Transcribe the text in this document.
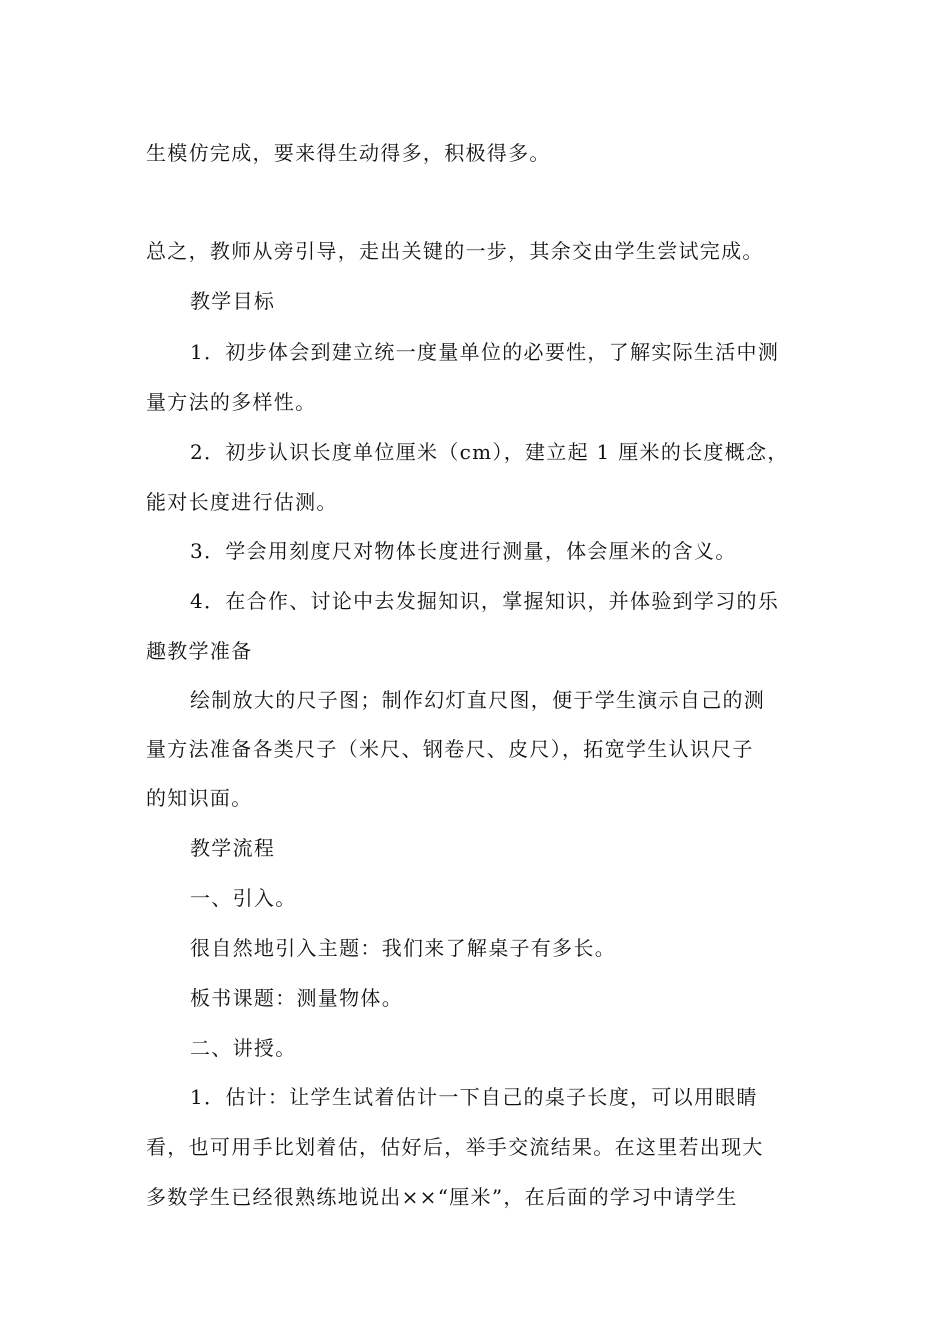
生模仿完成，要来得生动得多，积极得多。
总之，教师从旁引导，走出关键的一步，其余交由学生尝试完成。
教学目标
1．初步体会到建立统一度量单位的必要性，了解实际生活中测
量方法的多样性。
2．初步认识长度单位厘米（cm），建立起 1 厘米的长度概念，
能对长度进行估测。
3．学会用刻度尺对物体长度进行测量，体会厘米的含义。
4．在合作、讨论中去发掘知识，掌握知识，并体验到学习的乐
趣教学准备
绘制放大的尺子图；制作幻灯直尺图，便于学生演示自己的测
量方法准备各类尺子（米尺、钢卷尺、皮尺），拓宽学生认识尺子
的知识面。
教学流程
一、引入。
很自然地引入主题：我们来了解桌子有多长。
板书课题：测量物体。
二、讲授。
1．估计：让学生试着估计一下自己的桌子长度，可以用眼睛
看，也可用手比划着估，估好后，举手交流结果。在这里若出现大
多数学生已经很熟练地说出××“厘米”，在后面的学习中请学生
